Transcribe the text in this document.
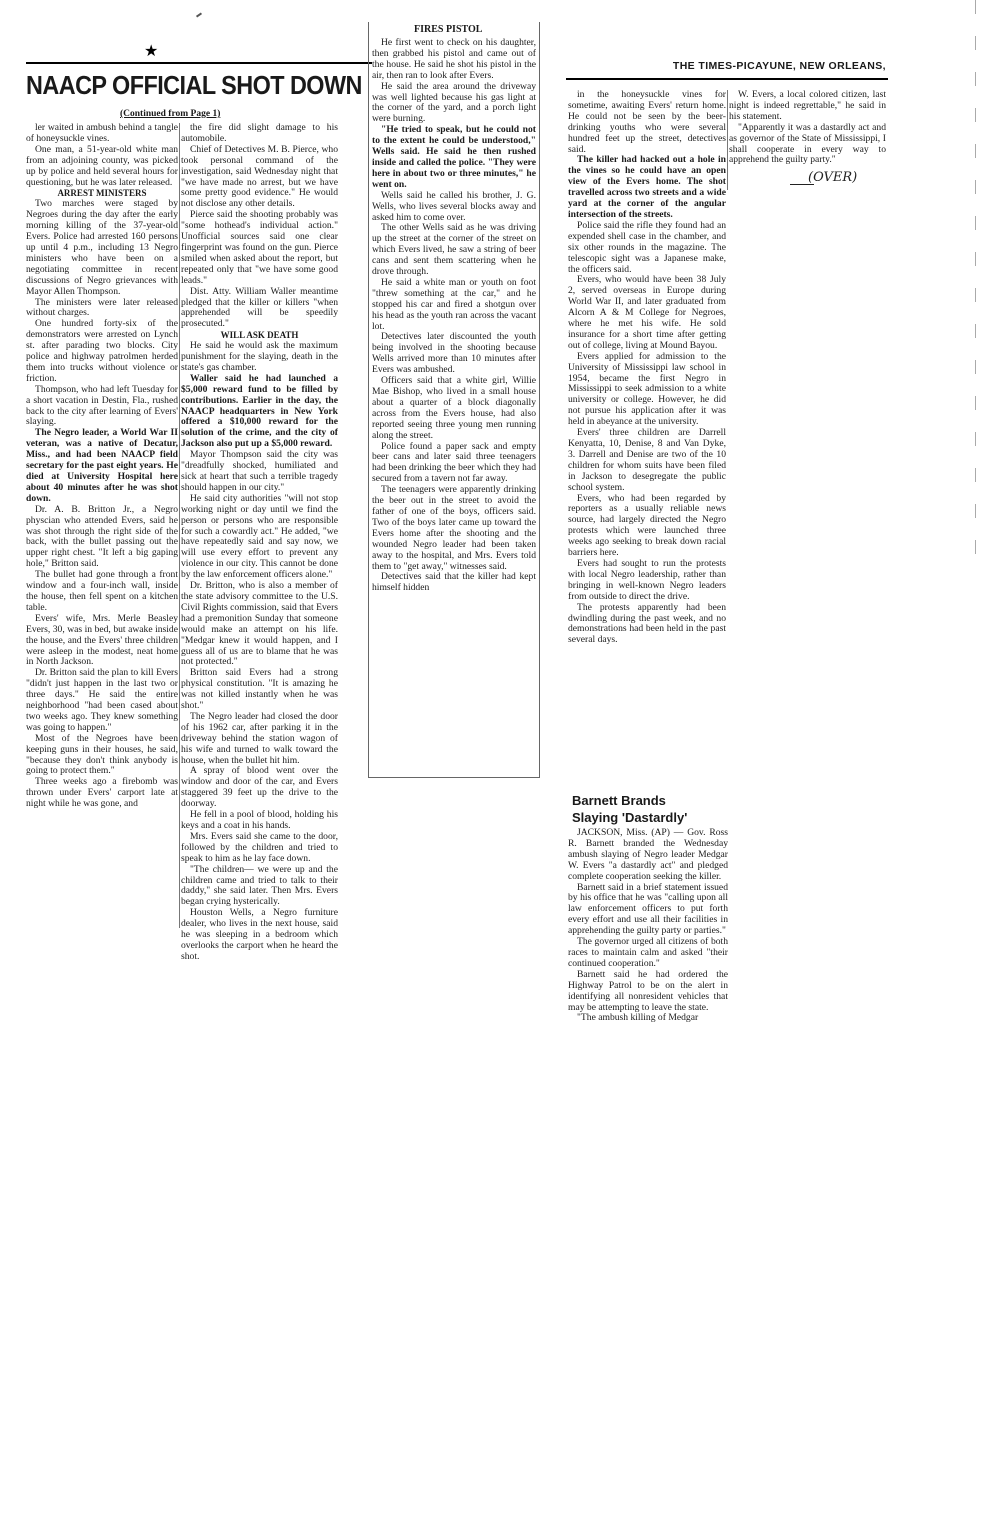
★
NAACP OFFICIAL SHOT DOWN
(Continued from Page 1)

ler waited in ambush behind a tangle of honeysuckle vines.

One man, a 51-year-old white man from an adjoining county, was picked up by police and held several hours for questioning, but he was later released.

ARREST MINISTERS

Two marches were staged by Negroes during the day after the early morning killing of the 37-year-old Evers. Police had arrested 160 persons up until 4 p.m., including 13 Negro ministers who have been on a negotiating committee in recent discussions of Negro grievances with Mayor Allen Thompson.

The ministers were later released without charges.

One hundred forty-six of the demonstrators were arrested on Lynch st. after parading two blocks. City police and highway patrolmen herded them into trucks without violence or friction.

Thompson, who had left Tuesday for a short vacation in Destin, Fla., rushed back to the city after learning of Evers' slaying.

The Negro leader, a World War II veteran, was a native of Decatur, Miss., and had been NAACP field secretary for the past eight years. He died at University Hospital here about 40 minutes after he was shot down.

Dr. A. B. Britton Jr., a Negro physcian who attended Evers, said he was shot through the right side of the back, with the bullet passing out the upper right chest. "It left a big gaping hole," Britton said.

The bullet had gone through a front window and a four-inch wall, inside the house, then fell spent on a kitchen table.

Evers' wife, Mrs. Merle Beasley Evers, 30, was in bed, but awake inside the house, and the Evers' three children were asleep in the modest, neat home in North Jackson.

Dr. Britton said the plan to kill Evers "didn't just happen in the last two or three days." He said the entire neighborhood "had been cased about two weeks ago. They knew something was going to happen."

Most of the Negroes have been keeping guns in their houses, he said, "because they don't think anybody is going to protect them."

Three weeks ago a firebomb was thrown under Evers' carport late at night while he was gone, and

the fire did slight damage to his automobile.

Chief of Detectives M. B. Pierce, who took personal command of the investigation, said Wednesday night that "we have made no arrest, but we have some pretty good evidence." He would not disclose any other details.

Pierce said the shooting probably was "some hothead's individual action." Unofficial sources said one clear fingerprint was found on the gun. Pierce smiled when asked about the report, but repeated only that "we have some good leads."

Dist. Atty. William Waller meantime pledged that the killer or killers "when apprehended will be speedily prosecuted."

WILL ASK DEATH

He said he would ask the maximum punishment for the slaying, death in the state's gas chamber.

Waller said he had launched a $5,000 reward fund to be filled by contributions. Earlier in the day, the NAACP headquarters in New York offered a $10,000 reward for the solution of the crime, and the city of Jackson also put up a $5,000 reward.

Mayor Thompson said the city was "dreadfully shocked, humiliated and sick at heart that such a terrible tragedy should happen in our city."

He said city authorities "will not stop working night or day until we find the person or persons who are responsible for such a cowardly act." He added, "we have repeatedly said and say now, we will use every effort to prevent any violence in our city. This cannot be done by the law enforcement officers alone."

Dr. Britton, who is also a member of the state advisory committee to the U.S. Civil Rights commission, said that Evers had a premonition Sunday that someone would make an attempt on his life. "Medgar knew it would happen, and I guess all of us are to blame that he was not protected."

Britton said Evers had a strong physical constitution. "It is amazing he was not killed instantly when he was shot."

The Negro leader had closed the door of his 1962 car, after parking it in the driveway behind the station wagon of his wife and turned to walk toward the house, when the bullet hit him.

A spray of blood went over the window and door of the car, and Evers staggered 39 feet up the drive to the doorway.

He fell in a pool of blood, holding his keys and a coat in his hands.

Mrs. Evers said she came to the door, followed by the children and tried to speak to him as he lay face down.

"The children— we were up and the children came and tried to talk to their daddy," she said later. Then Mrs. Evers began crying hysterically.

Houston Wells, a Negro furniture dealer, who lives in the next house, said he was sleeping in a bedroom which overlooks the carport when he heard the shot.

FIRES PISTOL

He first went to check on his daughter, then grabbed his pistol and came out of the house. He said he shot his pistol in the air, then ran to look after Evers.

He said the area around the driveway was well lighted because his gas light at the corner of the yard, and a porch light were burning.

"He tried to speak, but he could not to the extent he could be understood," Wells said. He said he then rushed inside and called the police. "They were here in about two or three minutes," he went on.

Wells said he called his brother, J. G. Wells, who lives several blocks away and asked him to come over.

The other Wells said as he was driving up the street at the corner of the street on which Evers lived, he saw a string of beer cans and sent them scattering when he drove through.

He said a white man or youth on foot "threw something at the car," and he stopped his car and fired a shotgun over his head as the youth ran across the vacant lot.

Detectives later discounted the youth being involved in the shooting because Wells arrived more than 10 minutes after Evers was ambushed.

Officers said that a white girl, Willie Mae Bishop, who lived in a small house about a quarter of a block diagonally across from the Evers house, had also reported seeing three young men running along the street.

Police found a paper sack and empty beer cans and later said three teenagers had been drinking the beer which they had secured from a tavern not far away.

The teenagers were apparently drinking the beer out in the street to avoid the father of one of the boys, officers said. Two of the boys later came up toward the Evers home after the shooting and the wounded Negro leader had been taken away to the hospital, and Mrs. Evers told them to "get away," witnesses said.

Detectives said that the killer had kept himself hidden

THE TIMES-PICAYUNE, NEW ORLEANS,

in the honeysuckle vines for sometime, awaiting Evers' return home. He could not be seen by the beer-drinking youths who were several hundred feet up the street, detectives said.

The killer had hacked out a hole in the vines so he could have an open view of the Evers home. The shot travelled across two streets and a wide yard at the corner of the angular intersection of the streets.

Police said the rifle they found had an expended shell case in the chamber, and six other rounds in the magazine. The telescopic sight was a Japanese make, the officers said.

Evers, who would have been 38 July 2, served overseas in Europe during World War II, and later graduated from Alcorn A & M College for Negroes, where he met his wife. He sold insurance for a short time after getting out of college, living at Mound Bayou.

Evers applied for admission to the University of Mississippi law school in 1954, became the first Negro in Mississippi to seek admission to a white university or college. However, he did not pursue his application after it was held in abeyance at the university.

Evers' three children are Darrell Kenyatta, 10, Denise, 8 and Van Dyke, 3. Darrell and Denise are two of the 10 children for whom suits have been filed in Jackson to desegregate the public school system.

Evers, who had been regarded by reporters as a usually reliable news source, had largely directed the Negro protests which were launched three weeks ago seeking to break down racial barriers here.

Evers had sought to run the protests with local Negro leadership, rather than bringing in well-known Negro leaders from outside to direct the drive.

The protests apparently had been dwindling during the past week, and no demonstrations had been held in the past several days.

W. Evers, a local colored citizen, last night is indeed regrettable," he said in his statement.

"Apparently it was a dastardly act and as governor of the State of Mississippi, I shall cooperate in every way to apprehend the guilty party."

(OVER)
Barnett Brands
Slaying 'Dastardly'

JACKSON, Miss. (AP) — Gov. Ross R. Barnett branded the Wednesday ambush slaying of Negro leader Medgar W. Evers "a dastardly act" and pledged complete cooperation seeking the killer.

Barnett said in a brief statement issued by his office that he was "calling upon all law enforcement officers to put forth every effort and use all their facilities in apprehending the guilty party or parties."

The governor urged all citizens of both races to maintain calm and asked "their continued cooperation."

Barnett said he had ordered the Highway Patrol to be on the alert in identifying all nonresident vehicles that may be attempting to leave the state.

"The ambush killing of Medgar
